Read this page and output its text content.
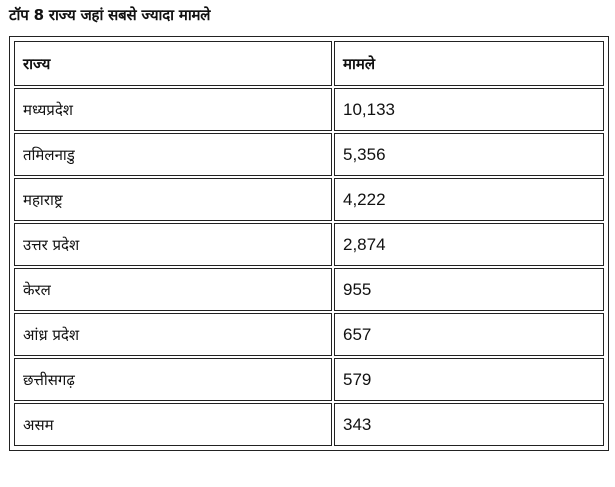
टॉप 8 राज्य जहां सबसे ज्यादा मामले
राज्य	मामले
मध्यप्रदेश	10,133
तमिलनाडु	5,356
महाराष्ट्र	4,222
उत्तर प्रदेश	2,874
केरल	955
आंध्र प्रदेश	657
छत्तीसगढ़	579
असम	343
